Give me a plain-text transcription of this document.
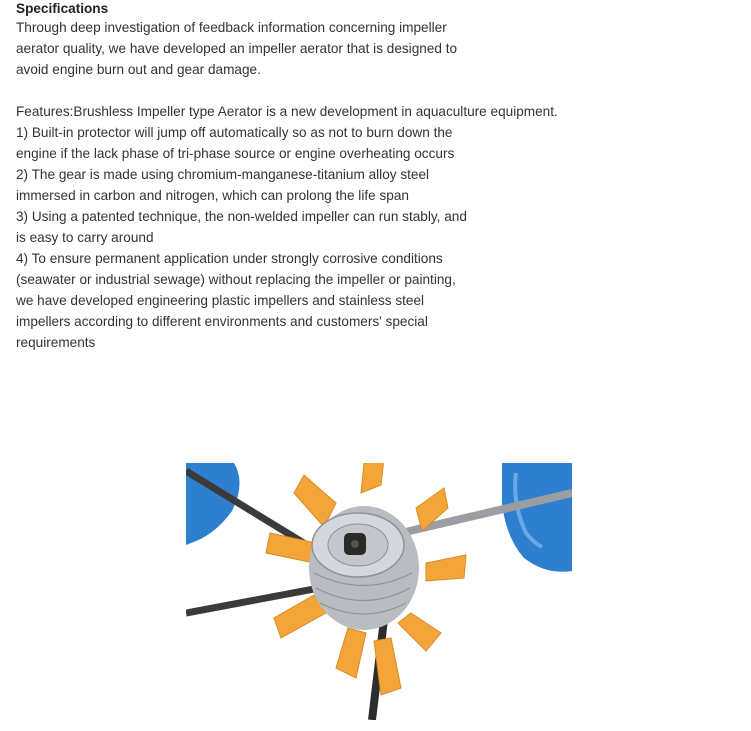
Specifications

Through deep investigation of feedback information concerning impeller
aerator quality, we have developed an impeller aerator that is designed to
avoid engine burn out and gear damage.

Features:Brushless Impeller type Aerator is a new development in aquaculture equipment.
1) Built-in protector will jump off automatically so as not to burn down the
engine if the lack phase of tri-phase source or engine overheating occurs
2) The gear is made using chromium-manganese-titanium alloy steel
immersed in carbon and nitrogen, which can prolong the life span
3) Using a patented technique, the non-welded impeller can run stably, and
is easy to carry around
4) To ensure permanent application under strongly corrosive conditions
(seawater or industrial sewage) without replacing the impeller or painting,
we have developed engineering plastic impellers and stainless steel
impellers according to different environments and customers' special
requirements
